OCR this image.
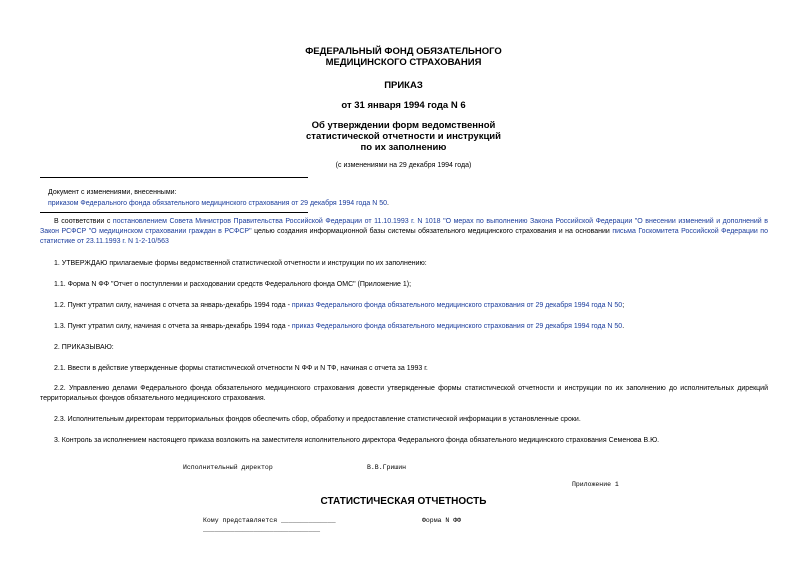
ФЕДЕРАЛЬНЫЙ ФОНД ОБЯЗАТЕЛЬНОГО
МЕДИЦИНСКОГО СТРАХОВАНИЯ
ПРИКАЗ
от 31 января 1994 года N 6
Об утверждении форм ведомственной
статистической отчетности и инструкций
по их заполнению
(с изменениями на 29 декабря 1994 года)
Документ с изменениями, внесенными:
приказом Федерального фонда обязательного медицинского страхования от 29 декабря 1994 года N 50.
В соответствии с постановлением Совета Министров Правительства Российской Федерации от 11.10.1993 г. N 1018 "О мерах по выполнению Закона Российской Федерации "О внесении изменений и дополнений в Закон РСФСР "О медицинском страховании граждан в РСФСР" целью создания информационной базы системы обязательного медицинского страхования и на основании письма Госкомитета Российской Федерации по статистике от 23.11.1993 г. N 1-2-10/563
1. УТВЕРЖДАЮ прилагаемые формы ведомственной статистической отчетности и инструкции по их заполнению:
1.1. Форма N ФФ "Отчет о поступлении и расходовании средств Федерального фонда ОМС" (Приложение 1);
1.2. Пункт утратил силу, начиная с отчета за январь-декабрь 1994 года - приказ Федерального фонда обязательного медицинского страхования от 29 декабря 1994 года N 50;
1.3. Пункт утратил силу, начиная с отчета за январь-декабрь 1994 года - приказ Федерального фонда обязательного медицинского страхования от 29 декабря 1994 года N 50.
2. ПРИКАЗЫВАЮ:
2.1. Ввести в действие утвержденные формы статистической отчетности N ФФ и N ТФ, начиная с отчета за 1993 г.
2.2. Управлению делами Федерального фонда обязательного медицинского страхования довести утвержденные формы статистической отчетности и инструкции по их заполнению до исполнительных дирекций территориальных фондов обязательного медицинского страхования.
2.3. Исполнительным директорам территориальных фондов обеспечить сбор, обработку и предоставление статистической информации в установленные сроки.
3. Контроль за исполнением настоящего приказа возложить на заместителя исполнительного директора Федерального фонда обязательного медицинского страхования Семенова В.Ю.
Исполнительный директор	В.В.Гришин
Приложение 1
СТАТИСТИЧЕСКАЯ ОТЧЕТНОСТЬ
Кому представляется ______________	Форма N ФФ
______________________________
